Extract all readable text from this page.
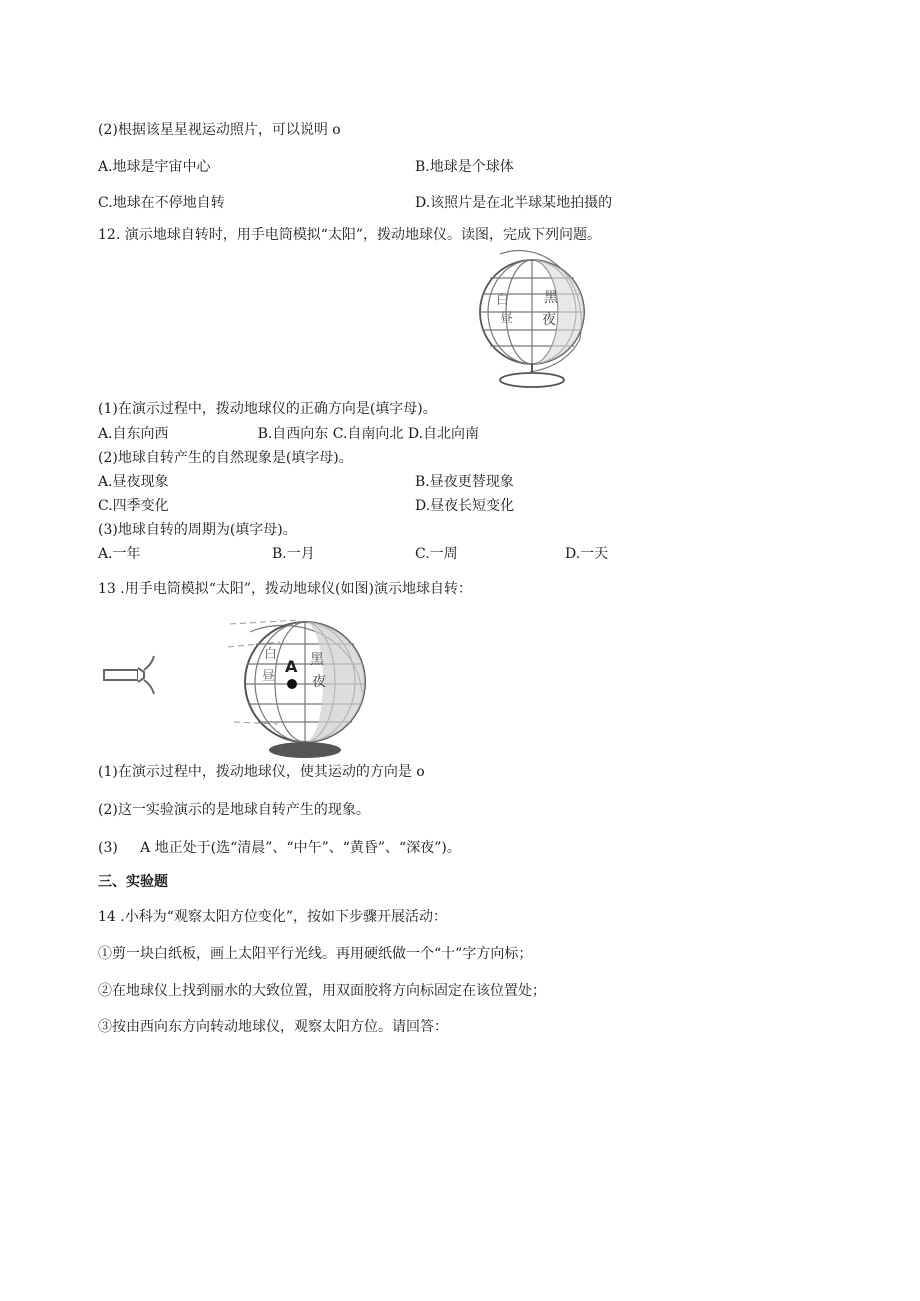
(2)根据该星星视运动照片，可以说明 o
A.地球是宇宙中心	B.地球是个球体
C.地球在不停地自转	D.该照片是在北半球某地拍摄的
12. 演示地球自转时，用手电筒模拟“太阳”，拨动地球仪。读图，完成下列问题。
白
昼
黑
夜
(1)在演示过程中，拨动地球仪的正确方向是(填字母)。
A.自东向西                    B.自西向东 C.自南向北 D.自北向南
(2)地球自转产生的自然现象是(填字母)。
A.昼夜现象	B.昼夜更替现象
C.四季变化	D.昼夜长短变化
(3)地球自转的周期为(填字母)。
A.一年	B.一月	C.一周	D.一天
13 .用手电筒模拟“太阳”，拨动地球仪(如图)演示地球自转：
白
昼
A 黑
夜
(1)在演示过程中，拨动地球仪，使其运动的方向是 o
(2)这一实验演示的是地球自转产生的现象。
(3)     A 地正处于(选“清晨”、“中午”、“黄昏”、“深夜”)。
三、实验题
14 .小科为“观察太阳方位变化”，按如下步骤开展活动：
①剪一块白纸板，画上太阳平行光线。再用硬纸做一个“十”字方向标；
②在地球仪上找到丽水的大致位置，用双面胶将方向标固定在该位置处；
③按由西向东方向转动地球仪，观察太阳方位。请回答：
